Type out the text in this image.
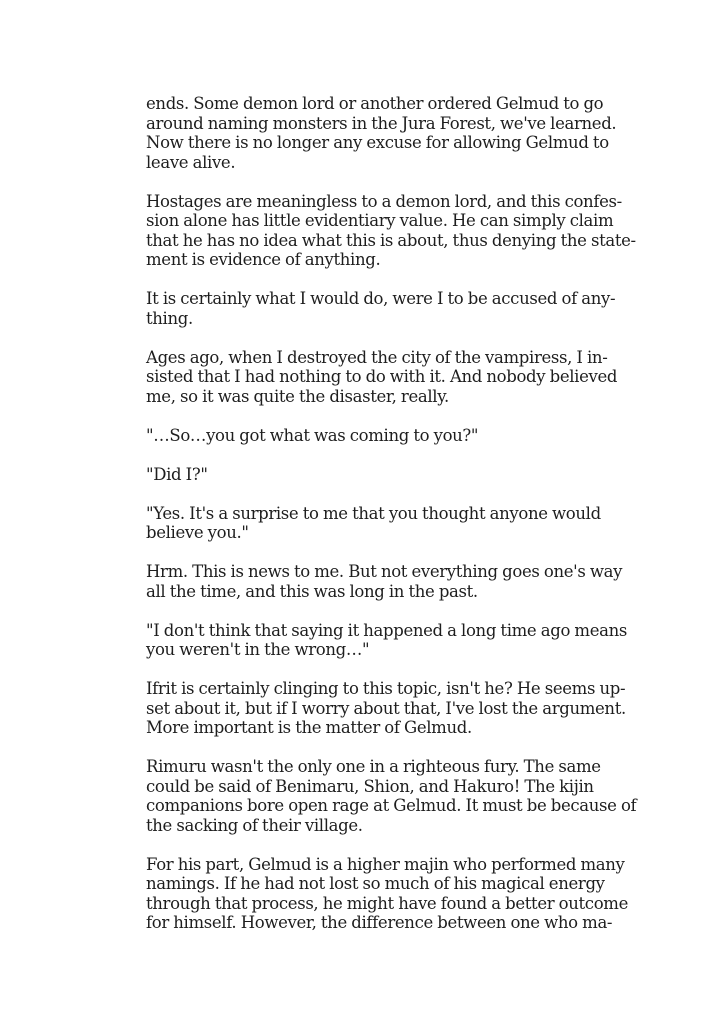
ends. Some demon lord or another ordered Gelmud to go
around naming monsters in the Jura Forest, we've learned.
Now there is no longer any excuse for allowing Gelmud to
leave alive.

Hostages are meaningless to a demon lord, and this confes-
sion alone has little evidentiary value. He can simply claim
that he has no idea what this is about, thus denying the state-
ment is evidence of anything.

It is certainly what I would do, were I to be accused of any-
thing.

Ages ago, when I destroyed the city of the vampiress, I in-
sisted that I had nothing to do with it. And nobody believed
me, so it was quite the disaster, really.

"…So…you got what was coming to you?"

"Did I?"

"Yes. It's a surprise to me that you thought anyone would
believe you."

Hrm. This is news to me. But not everything goes one's way
all the time, and this was long in the past.

"I don't think that saying it happened a long time ago means
you weren't in the wrong…"

Ifrit is certainly clinging to this topic, isn't he? He seems up-
set about it, but if I worry about that, I've lost the argument.
More important is the matter of Gelmud.

Rimuru wasn't the only one in a righteous fury. The same
could be said of Benimaru, Shion, and Hakuro! The kijin
companions bore open rage at Gelmud. It must be because of
the sacking of their village.

For his part, Gelmud is a higher majin who performed many
namings. If he had not lost so much of his magical energy
through that process, he might have found a better outcome
for himself. However, the difference between one who ma-
